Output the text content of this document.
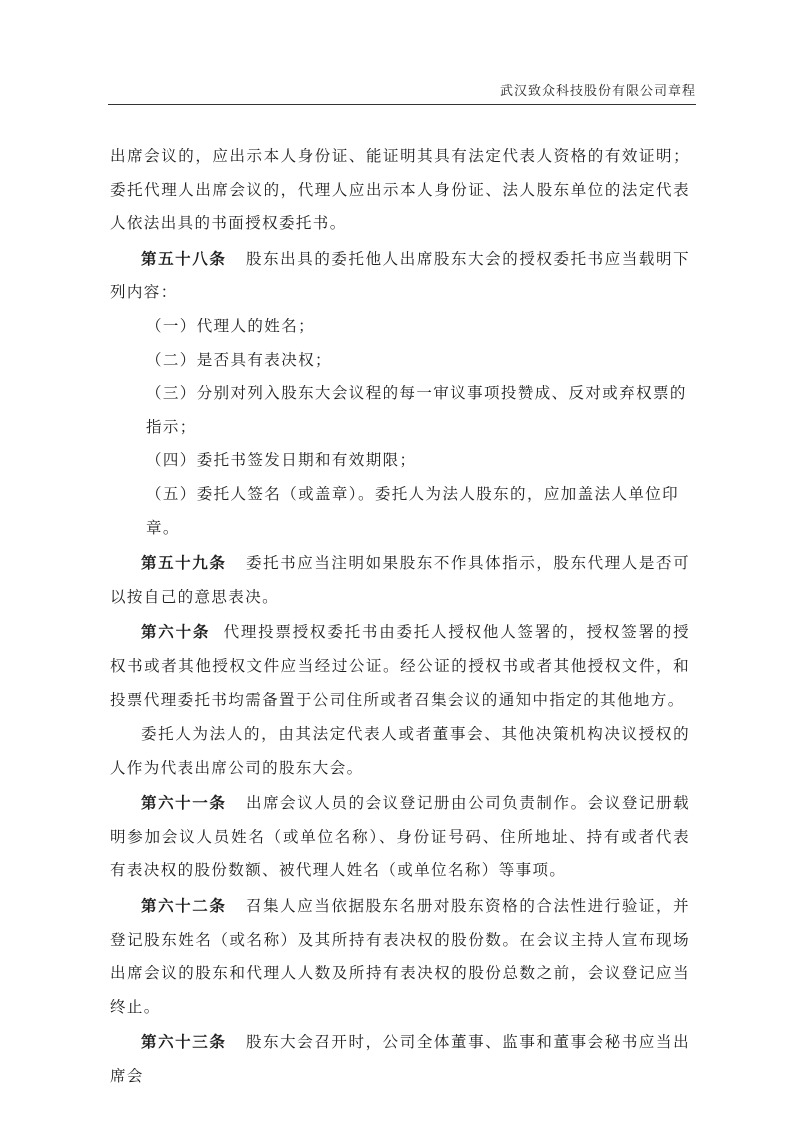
武汉致众科技股份有限公司章程

出席会议的，应出示本人身份证、能证明其具有法定代表人资格的有效证明；委托代理人出席会议的，代理人应出示本人身份证、法人股东单位的法定代表人依法出具的书面授权委托书。

第五十八条 股东出具的委托他人出席股东大会的授权委托书应当载明下列内容：

（一）代理人的姓名；

（二）是否具有表决权；

（三）分别对列入股东大会议程的每一审议事项投赞成、反对或弃权票的指示；

（四）委托书签发日期和有效期限；

（五）委托人签名（或盖章）。委托人为法人股东的，应加盖法人单位印章。

第五十九条 委托书应当注明如果股东不作具体指示，股东代理人是否可以按自己的意思表决。

第六十条 代理投票授权委托书由委托人授权他人签署的，授权签署的授权书或者其他授权文件应当经过公证。经公证的授权书或者其他授权文件，和投票代理委托书均需备置于公司住所或者召集会议的通知中指定的其他地方。

委托人为法人的，由其法定代表人或者董事会、其他决策机构决议授权的人作为代表出席公司的股东大会。

第六十一条 出席会议人员的会议登记册由公司负责制作。会议登记册载明参加会议人员姓名（或单位名称）、身份证号码、住所地址、持有或者代表有表决权的股份数额、被代理人姓名（或单位名称）等事项。

第六十二条 召集人应当依据股东名册对股东资格的合法性进行验证，并登记股东姓名（或名称）及其所持有表决权的股份数。在会议主持人宣布现场出席会议的股东和代理人人数及所持有表决权的股份总数之前，会议登记应当终止。

第六十三条 股东大会召开时，公司全体董事、监事和董事会秘书应当出席会
